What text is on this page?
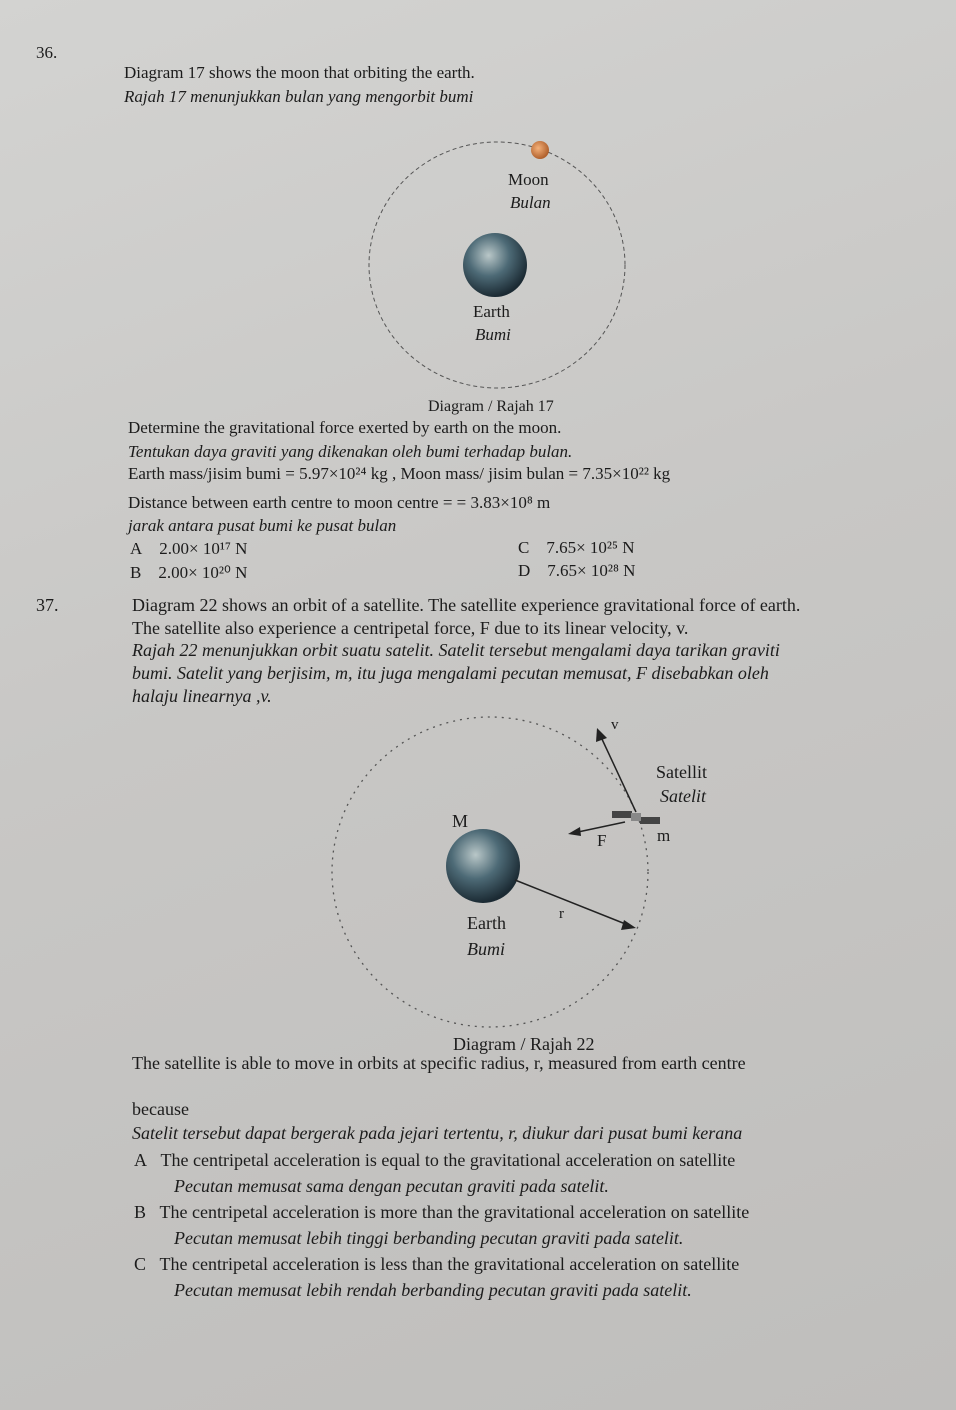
36.
Diagram 17 shows the moon that orbiting the earth.
Rajah 17 menunjukkan bulan yang mengorbit bumi
Moon
Bulan
Earth
Bumi
Diagram / Rajah 17
Determine the gravitational force exerted by earth on the moon.
Tentukan daya graviti yang dikenakan oleh bumi terhadap bulan.
Earth mass/jisim bumi = 5.97×10²⁴ kg , Moon mass/ jisim bulan = 7.35×10²² kg
Distance between earth centre to moon centre = = 3.83×10⁸ m
jarak antara pusat bumi ke pusat bulan
A 2.00× 10¹⁷ N
B 2.00× 10²⁰ N
C 7.65× 10²⁵ N
D 7.65× 10²⁸ N
37.	Diagram 22 shows an orbit of a satellite. The satellite experience gravitational force of earth.
The satellite also experience a centripetal force, F due to its linear velocity, v.
Rajah 22 menunjukkan orbit suatu satelit. Satelit tersebut mengalami daya tarikan graviti
bumi. Satelit yang berjisim, m, itu juga mengalami pecutan memusat, F disebabkan oleh
halaju linearnya ,v.
v
Satellit
Satelit
M
F	m
r
Earth
Bumi
Diagram / Rajah 22
The satellite is able to move in orbits at specific radius, r, measured from earth centre
because
Satelit tersebut dapat bergerak pada jejari tertentu, r, diukur dari pusat bumi kerana
A The centripetal acceleration is equal to the gravitational acceleration on satellite
Pecutan memusat sama dengan pecutan graviti pada satelit.
B The centripetal acceleration is more than the gravitational acceleration on satellite
Pecutan memusat lebih tinggi berbanding pecutan graviti pada satelit.
C The centripetal acceleration is less than the gravitational acceleration on satellite
Pecutan memusat lebih rendah berbanding pecutan graviti pada satelit.
